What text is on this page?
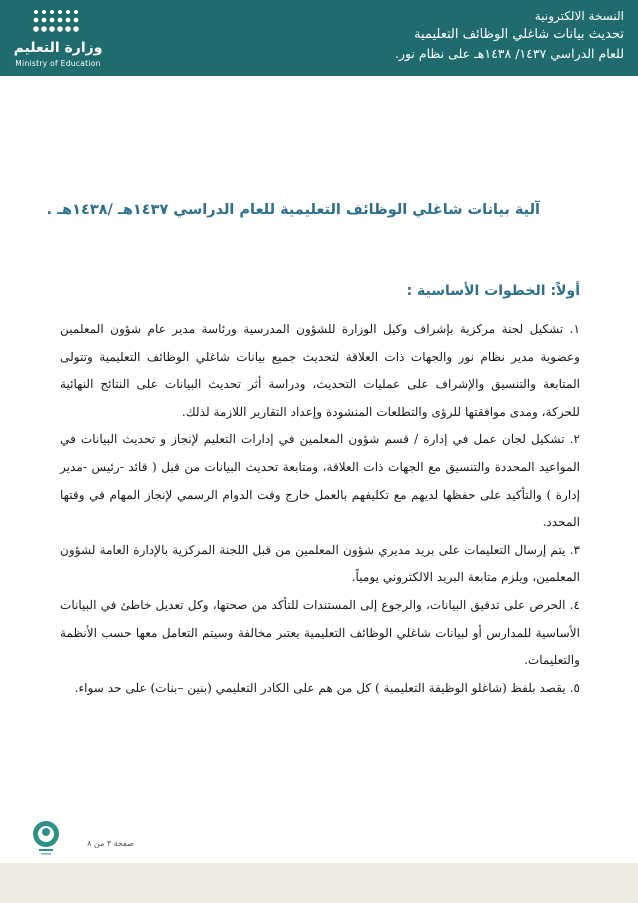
وزارة التعليم
Ministry of Education
النسخة الالكترونية
تحديث بيانات شاغلي الوظائف التعليمية
للعام الدراسي ١٤٣٧/ ١٤٣٨هـ على نظام نور.
آلية بيانات شاغلي الوظائف التعليمية للعام الدراسي ١٤٣٧هـ /١٤٣٨هـ .
أولاً: الخطوات الأساسية :

١. تشكيل لجنة مركزية بإشراف وكيل الوزارة للشؤون المدرسية ورئاسة مدير عام شؤون المعلمين وعضوية مدير نظام نور والجهات ذات العلاقة لتحديث جميع بيانات شاغلي الوظائف التعليمية وتتولى المتابعة والتنسيق والإشراف على عمليات التحديث، ودراسة أثر تحديث البيانات على النتائج النهائية للحركة، ومدى موافقتها للرؤى والتطلعات المنشودة وإعداد التقارير اللازمة لذلك.

٢. تشكيل لجان عمل في إدارة / قسم شؤون المعلمين في إدارات التعليم لإنجاز و تحديث البيانات في المواعيد المحددة والتنسيق مع الجهات ذات العلاقة، ومتابعة تحديث البيانات من قبل ( قائد -رئيس -مدير إدارة ) والتأكيد على حفظها لديهم مع تكليفهم بالعمل خارج وقت الدوام الرسمي لإنجاز المهام في وقتها المحدد.

٣. يتم إرسال التعليمات على بريد مديري شؤون المعلمين من قبل اللجنة المركزية بالإدارة العامة لشؤون المعلمين، ويلزم متابعة البريد الالكتروني يومياً.

٤. الحرص على تدقيق البيانات، والرجوع إلى المستندات للتأكد من صحتها، وكل تعديل خاطئ في البيانات الأساسية للمدارس أو لبيانات شاغلي الوظائف التعليمية يعتبر مخالفة وسيتم التعامل معها حسب الأنظمة والتعليمات.

٥. يقصد بلفظ (شاغلو الوظيفة التعليمية ) كل من هم على الكادر التعليمي (بنين –بنات) على حد سواء.

صفحة ٣ من ٨
